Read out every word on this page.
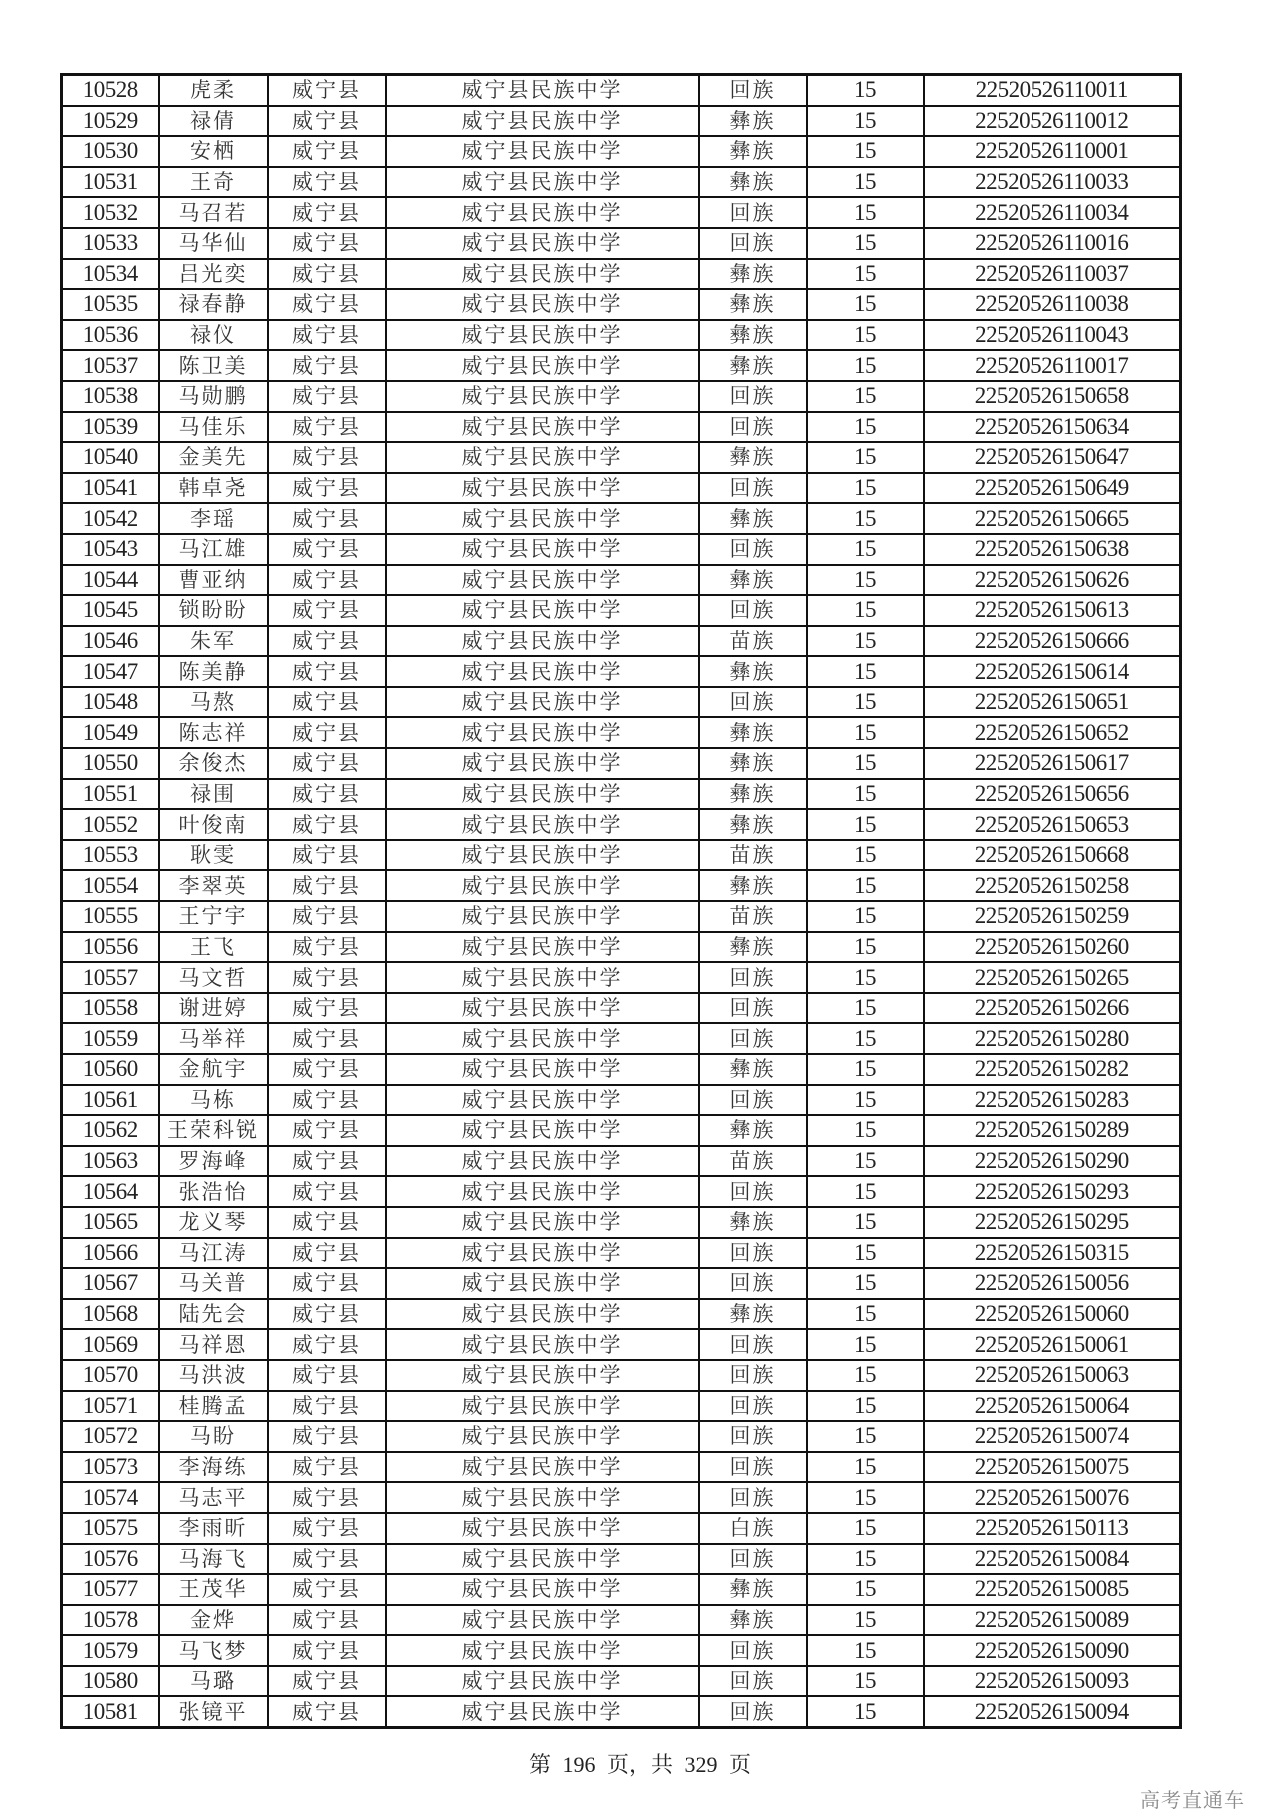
10528	虎柔	威宁县	威宁县民族中学	回族	15	22520526110011
10529	禄倩	威宁县	威宁县民族中学	彝族	15	22520526110012
10530	安栖	威宁县	威宁县民族中学	彝族	15	22520526110001
10531	王奇	威宁县	威宁县民族中学	彝族	15	22520526110033
10532	马召若	威宁县	威宁县民族中学	回族	15	22520526110034
10533	马华仙	威宁县	威宁县民族中学	回族	15	22520526110016
10534	吕光奕	威宁县	威宁县民族中学	彝族	15	22520526110037
10535	禄春静	威宁县	威宁县民族中学	彝族	15	22520526110038
10536	禄仪	威宁县	威宁县民族中学	彝族	15	22520526110043
10537	陈卫美	威宁县	威宁县民族中学	彝族	15	22520526110017
10538	马勋鹏	威宁县	威宁县民族中学	回族	15	22520526150658
10539	马佳乐	威宁县	威宁县民族中学	回族	15	22520526150634
10540	金美先	威宁县	威宁县民族中学	彝族	15	22520526150647
10541	韩卓尧	威宁县	威宁县民族中学	回族	15	22520526150649
10542	李瑶	威宁县	威宁县民族中学	彝族	15	22520526150665
10543	马江雄	威宁县	威宁县民族中学	回族	15	22520526150638
10544	曹亚纳	威宁县	威宁县民族中学	彝族	15	22520526150626
10545	锁盼盼	威宁县	威宁县民族中学	回族	15	22520526150613
10546	朱军	威宁县	威宁县民族中学	苗族	15	22520526150666
10547	陈美静	威宁县	威宁县民族中学	彝族	15	22520526150614
10548	马熬	威宁县	威宁县民族中学	回族	15	22520526150651
10549	陈志祥	威宁县	威宁县民族中学	彝族	15	22520526150652
10550	余俊杰	威宁县	威宁县民族中学	彝族	15	22520526150617
10551	禄围	威宁县	威宁县民族中学	彝族	15	22520526150656
10552	叶俊南	威宁县	威宁县民族中学	彝族	15	22520526150653
10553	耿雯	威宁县	威宁县民族中学	苗族	15	22520526150668
10554	李翠英	威宁县	威宁县民族中学	彝族	15	22520526150258
10555	王宁宇	威宁县	威宁县民族中学	苗族	15	22520526150259
10556	王飞	威宁县	威宁县民族中学	彝族	15	22520526150260
10557	马文哲	威宁县	威宁县民族中学	回族	15	22520526150265
10558	谢进婷	威宁县	威宁县民族中学	回族	15	22520526150266
10559	马举祥	威宁县	威宁县民族中学	回族	15	22520526150280
10560	金航宇	威宁县	威宁县民族中学	彝族	15	22520526150282
10561	马栋	威宁县	威宁县民族中学	回族	15	22520526150283
10562	王荣科锐	威宁县	威宁县民族中学	彝族	15	22520526150289
10563	罗海峰	威宁县	威宁县民族中学	苗族	15	22520526150290
10564	张浩怡	威宁县	威宁县民族中学	回族	15	22520526150293
10565	龙义琴	威宁县	威宁县民族中学	彝族	15	22520526150295
10566	马江涛	威宁县	威宁县民族中学	回族	15	22520526150315
10567	马关普	威宁县	威宁县民族中学	回族	15	22520526150056
10568	陆先会	威宁县	威宁县民族中学	彝族	15	22520526150060
10569	马祥恩	威宁县	威宁县民族中学	回族	15	22520526150061
10570	马洪波	威宁县	威宁县民族中学	回族	15	22520526150063
10571	桂腾孟	威宁县	威宁县民族中学	回族	15	22520526150064
10572	马盼	威宁县	威宁县民族中学	回族	15	22520526150074
10573	李海练	威宁县	威宁县民族中学	回族	15	22520526150075
10574	马志平	威宁县	威宁县民族中学	回族	15	22520526150076
10575	李雨昕	威宁县	威宁县民族中学	白族	15	22520526150113
10576	马海飞	威宁县	威宁县民族中学	回族	15	22520526150084
10577	王茂华	威宁县	威宁县民族中学	彝族	15	22520526150085
10578	金烨	威宁县	威宁县民族中学	彝族	15	22520526150089
10579	马飞梦	威宁县	威宁县民族中学	回族	15	22520526150090
10580	马璐	威宁县	威宁县民族中学	回族	15	22520526150093
10581	张镜平	威宁县	威宁县民族中学	回族	15	22520526150094
第 196 页，共 329 页
高考直通车
